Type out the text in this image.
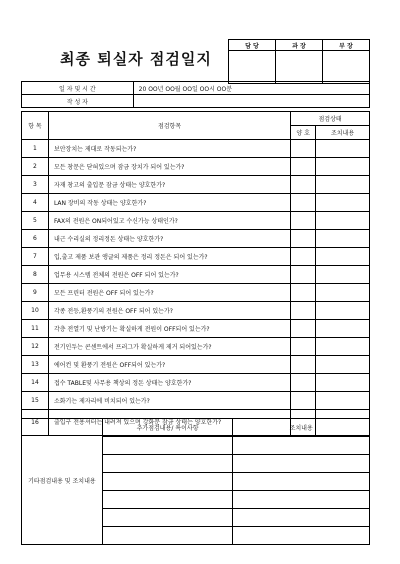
최종 퇴실자 점검일지
담 당	과 장	부 장

일 자 및 시 간	20 OO년 OO월 OO일 OO시 OO분
작 성 자	
항 목	점검항목	점검상태	
		양 호	조치내용
1	보안장치는 제대로 작동되는가?		
2	모든 창문은 닫혀있으며 잠금 장치가 되어 있는가?		
3	자재 창고의 출입문 잠금 상태는 양호한가?		
4	LAN 장비의 작동 상태는 양호한가?		
5	FAX의 전원은 ON되어있고 수신가능 상태인가?		
6	내근 수리실의 정리정돈 상태는 양호한가?		
7	입,출고 제품 보관 앵글의 제품은 정리 정돈은 되어 있는가?		
8	업무용 시스템 전체의 전원은 OFF 되어 있는가?		
9	모든 프린터 전원은 OFF 되어 있는가?		
10	각종 전등,환풍기의 전원은 OFF 되어 있는가?		
11	각층 전열기 및 난방기는 확실하게 전원이 OFF되어 있는가?		
12	전기인두는 콘센트에서 프러그가 확실하게 제거 되어있는가?		
13	에어컨 및 환풍기 전원은 OFF되어 있는가?		
14	접수 TABLE및 사무용 책상의 정돈 상태는 양호한가?		
15	소화기는 제자리에 비치되어 있는가?		
16	출입구 전용셔터는 내려져 있으며 강화문 잠금 상태는 양호한가?		
기타점검내용 및 조치내용	추가점검내용/ 특이사항	조치내용
